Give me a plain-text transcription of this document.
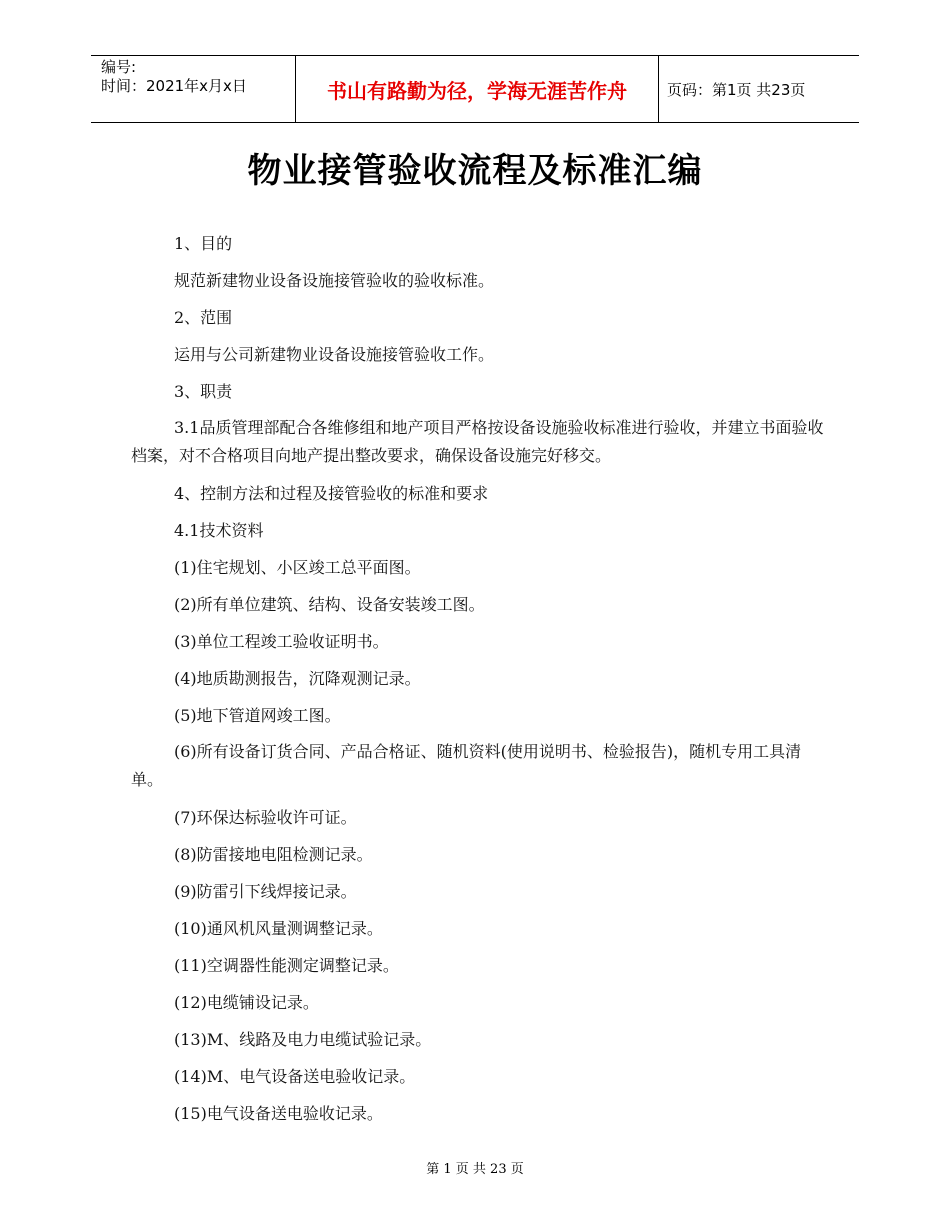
编号:
时间：2021年x月x日	书山有路勤为径，学海无涯苦作舟	页码：第1页 共23页
物业接管验收流程及标准汇编

1、目的

规范新建物业设备设施接管验收的验收标准。

2、范围

运用与公司新建物业设备设施接管验收工作。

3、职责

3.1品质管理部配合各维修组和地产项目严格按设备设施验收标准进行验收，并建立书面验收档案，对不合格项目向地产提出整改要求，确保设备设施完好移交。

4、控制方法和过程及接管验收的标准和要求

4.1技术资料

(1)住宅规划、小区竣工总平面图。

(2)所有单位建筑、结构、设备安装竣工图。

(3)单位工程竣工验收证明书。

(4)地质勘测报告，沉降观测记录。

(5)地下管道网竣工图。

(6)所有设备订货合同、产品合格证、随机资料(使用说明书、检验报告)，随机专用工具清单。

(7)环保达标验收许可证。

(8)防雷接地电阻检测记录。

(9)防雷引下线焊接记录。

(10)通风机风量测调整记录。

(11)空调器性能测定调整记录。

(12)电缆铺设记录。

(13)M、线路及电力电缆试验记录。

(14)M、电气设备送电验收记录。

(15)电气设备送电验收记录。

第 1 页 共 23 页
